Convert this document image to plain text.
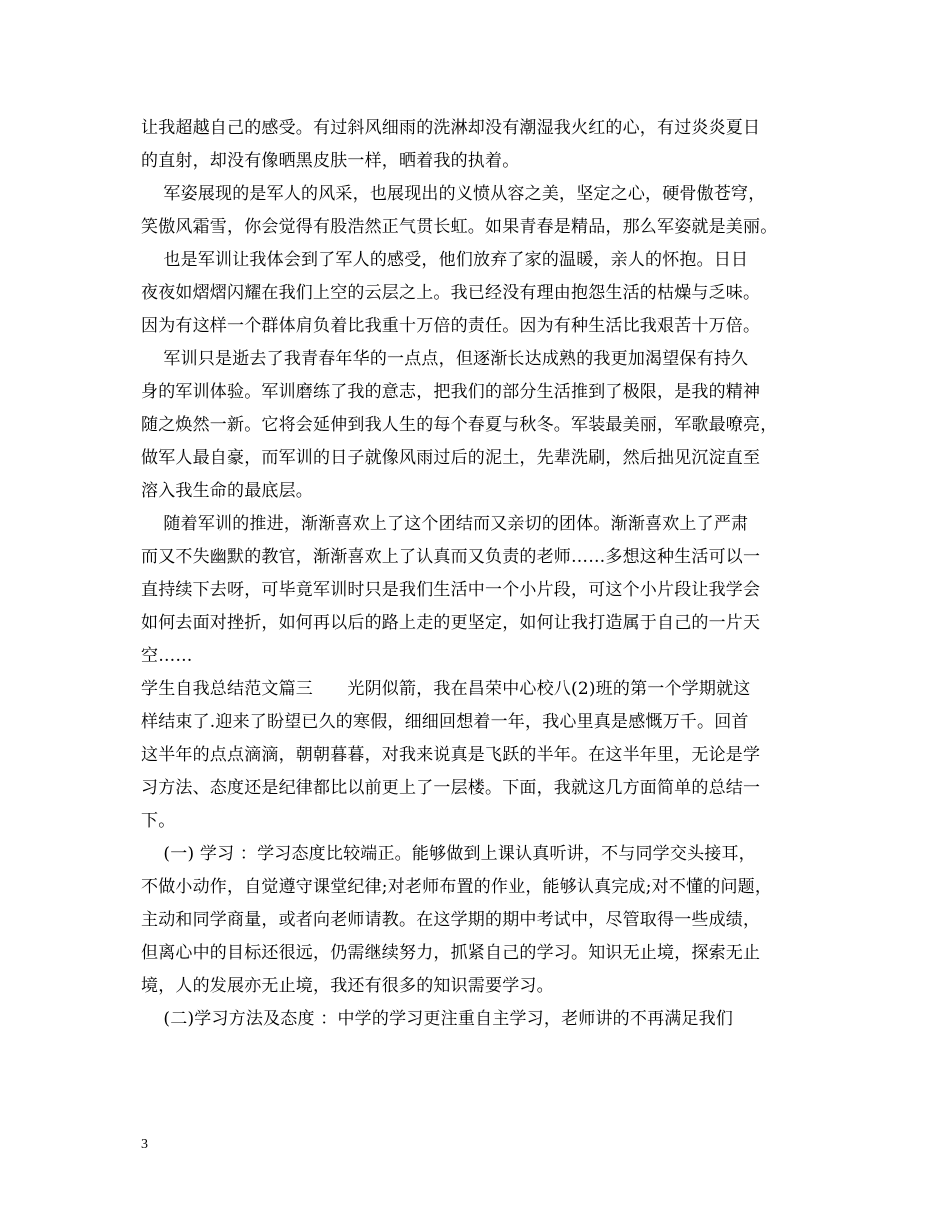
让我超越自己的感受。有过斜风细雨的洗淋却没有潮湿我火红的心，有过炎炎夏日
的直射，却没有像晒黑皮肤一样，晒着我的执着。
军姿展现的是军人的风采，也展现出的义愤从容之美，坚定之心，硬骨傲苍穹，
笑傲风霜雪，你会觉得有股浩然正气贯长虹。如果青春是精品，那么军姿就是美丽。
也是军训让我体会到了军人的感受，他们放弃了家的温暖，亲人的怀抱。日日
夜夜如熠熠闪耀在我们上空的云层之上。我已经没有理由抱怨生活的枯燥与乏味。
因为有这样一个群体肩负着比我重十万倍的责任。因为有种生活比我艰苦十万倍。
军训只是逝去了我青春年华的一点点，但逐渐长达成熟的我更加渴望保有持久
身的军训体验。军训磨练了我的意志，把我们的部分生活推到了极限，是我的精神
随之焕然一新。它将会延伸到我人生的每个春夏与秋冬。军装最美丽，军歌最嘹亮，
做军人最自豪，而军训的日子就像风雨过后的泥土，先辈洗刷，然后拙见沉淀直至
溶入我生命的最底层。
随着军训的推进，渐渐喜欢上了这个团结而又亲切的团体。渐渐喜欢上了严肃
而又不失幽默的教官，渐渐喜欢上了认真而又负责的老师……多想这种生活可以一
直持续下去呀，可毕竟军训时只是我们生活中一个小片段，可这个小片段让我学会
如何去面对挫折，如何再以后的路上走的更坚定，如何让我打造属于自己的一片天
空……
学生自我总结范文篇三　　光阴似箭，我在昌荣中心校八(2)班的第一个学期就这
样结束了.迎来了盼望已久的寒假，细细回想着一年，我心里真是感慨万千。回首
这半年的点点滴滴，朝朝暮暮，对我来说真是飞跃的半年。在这半年里，无论是学
习方法、态度还是纪律都比以前更上了一层楼。下面，我就这几方面简单的总结一
下。
(一) 学习 ：学习态度比较端正。能够做到上课认真听讲，不与同学交头接耳，
不做小动作，自觉遵守课堂纪律;对老师布置的作业，能够认真完成;对不懂的问题，
主动和同学商量，或者向老师请教。在这学期的期中考试中，尽管取得一些成绩，
但离心中的目标还很远，仍需继续努力，抓紧自己的学习。知识无止境，探索无止
境，人的发展亦无止境，我还有很多的知识需要学习。
(二)学习方法及态度 ：中学的学习更注重自主学习，老师讲的不再满足我们
3
